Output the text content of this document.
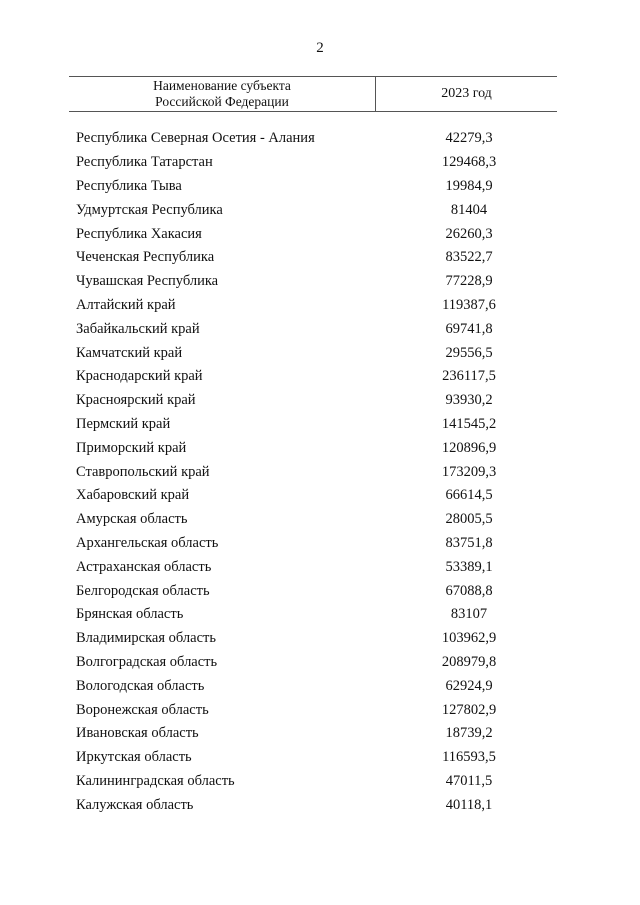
2
Наименование субъекта
Российской Федерации
2023 год
Республика Северная Осетия - Алания	42279,3
Республика Татарстан	129468,3
Республика Тыва	19984,9
Удмуртская Республика	81404
Республика Хакасия	26260,3
Чеченская Республика	83522,7
Чувашская Республика	77228,9
Алтайский край	119387,6
Забайкальский край	69741,8
Камчатский край	29556,5
Краснодарский край	236117,5
Красноярский край	93930,2
Пермский край	141545,2
Приморский край	120896,9
Ставропольский край	173209,3
Хабаровский край	66614,5
Амурская область	28005,5
Архангельская область	83751,8
Астраханская область	53389,1
Белгородская область	67088,8
Брянская область	83107
Владимирская область	103962,9
Волгоградская область	208979,8
Вологодская область	62924,9
Воронежская область	127802,9
Ивановская область	18739,2
Иркутская область	116593,5
Калининградская область	47011,5
Калужская область	40118,1
